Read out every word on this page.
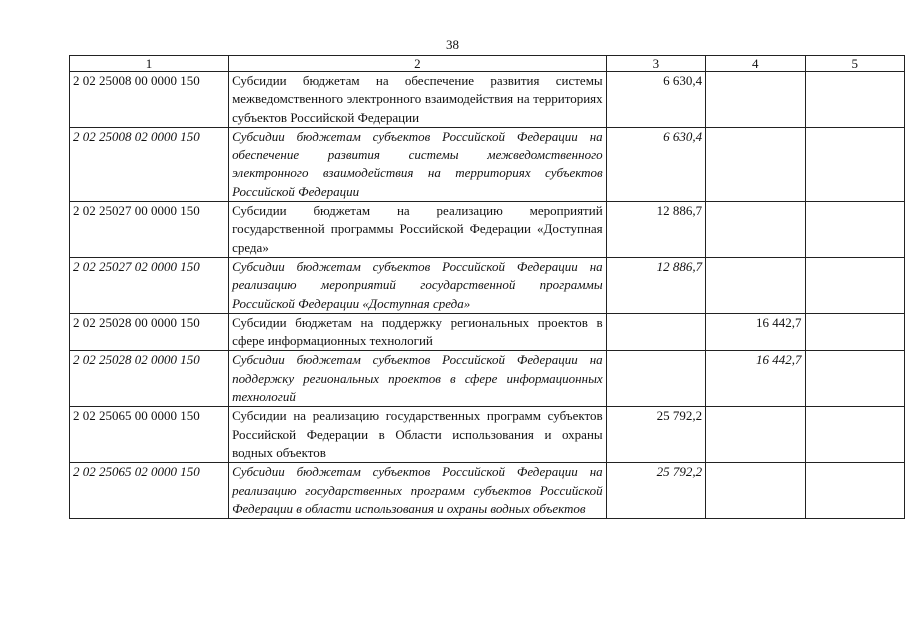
38
1	2	3	4	5
2 02 25008 00 0000 150	Субсидии бюджетам на обеспечение развития системы межведомственного электронного взаимодействия на территориях субъектов Российской Федерации	6 630,4		
2 02 25008 02 0000 150	Субсидии бюджетам субъектов Российской Федерации на обеспечение развития системы межведомственного электронного взаимодействия на территориях субъектов Российской Федерации	6 630,4		
2 02 25027 00 0000 150	Субсидии бюджетам на реализацию мероприятий государственной программы Российской Федерации «Доступная среда»	12 886,7		
2 02 25027 02 0000 150	Субсидии бюджетам субъектов Российской Федерации на реализацию мероприятий государственной программы Российской Федерации «Доступная среда»	12 886,7		
2 02 25028 00 0000 150	Субсидии бюджетам на поддержку региональных проектов в сфере информационных технологий		16 442,7	
2 02 25028 02 0000 150	Субсидии бюджетам субъектов Российской Федерации на поддержку региональных проектов в сфере информационных технологий		16 442,7	
2 02 25065 00 0000 150	Субсидии на реализацию государственных программ субъектов Российской Федерации в Области использования и охраны водных объектов	25 792,2		
2 02 25065 02 0000 150	Субсидии бюджетам субъектов Российской Федерации на реализацию государственных программ субъектов Российской Федерации в области использования и охраны водных объектов	25 792,2		
